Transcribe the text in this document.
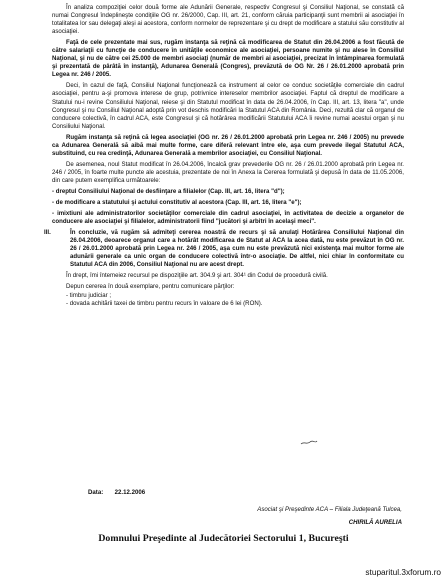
În analiza compoziţiei celor două forme ale Adunării Generale, respectiv Congresul şi Consiliul Naţional, se constată că numai Congresul îndeplineşte condiţiile OG nr. 26/2000, Cap. III, art. 21, conform căruia participanţii sunt membrii ai asociaţiei în totalitatea lor sau delegaţi aleşi ai acestora, conform normelor de reprezentare şi cu drept de modificare a statului său constitutiv al asociaţiei.

Faţă de cele prezentate mai sus, rugăm instanţa să reţină că modificarea de Statut din 26.04.2006 a fost făcută de către salariaţii cu funcţie de conducere în unităţile economice ale asociaţiei, persoane numite şi nu alese în Consiliul Naţional, şi nu de către cei 25.000 de membri asociaţi (număr de membri ai asociaţiei, precizat în întâmpinarea formulată şi prezentată de pârâtă în instanţă), Adunarea Generală (Congres), prevăzută de OG Nr. 26 / 26.01.2000 aprobată prin Legea nr. 246 / 2005.

Deci, în cazul de faţă, Consiliul Naţional funcţionează ca instrument al celor ce conduc societăţile comerciale din cadrul asociaţiei, pentru a-şi promova interese de grup, potrivnice intereselor membrilor asociaţiei. Faptul că dreptul de modificare a Statului nu-i revine Consiliului Naţional, reiese şi din Statutul modificat în data de 26.04.2006, în Cap. III, art. 13, litera "a", unde Congresul şi nu Consiliul Naţional adoptă prin vot deschis modificări la Statutul ACA din România. Deci, rezultă clar că organul de conducere colectivă, în cadrul ACA, este Congresul şi că hotărârea modificării Statutului ACA îi revine numai acestui organ şi nu Consiliului Naţional.

Rugăm instanţa să reţină că legea asociaţiei (OG nr. 26 / 26.01.2000 aprobată prin Legea nr. 246 / 2005) nu prevede ca Adunarea Generală să aibă mai multe forme, care diferă relevant între ele, aşa cum prevede ilegal Statutul ACA, substituind, cu rea credinţă, Adunarea Generală a membrilor asociaţiei, cu Consiliul Naţional.

De asemenea, noul Statut modificat în 26.04.2006, încalcă grav prevederile OG nr. 26 / 26.01.2000 aprobată prin Legea nr. 246 / 2005, în foarte multe puncte ale acestuia, prezentate de noi în Anexa la Cererea formulată şi depusă în data de 11.05.2006, din care putem exemplifica următoarele:

- dreptul Consiliului Naţional de desfiinţare a filialelor (Cap. III, art. 16, litera "d");

- de modificare a statutului şi actului constitutiv al acestora (Cap. III, art. 16, litera "e");

- imixtiuni ale administratorilor societăţilor comerciale din cadrul asociaţiei, în activitatea de decizie a organelor de conducere ale asociaţiei şi filialelor, administratorii fiind "jucători şi arbitri în acelaşi meci".

III.	În concluzie, vă rugăm să admiteţi cererea noastră de recurs şi să anulaţi Hotărârea Consiliului Naţional din 26.04.2006, deoarece organul care a hotărât modificarea de Statut al ACA la acea dată, nu este prevăzut în OG nr. 26 / 26.01.2000 aprobată prin Legea nr. 246 / 2005, aşa cum nu este prevăzută nici existenţa mai multor forme ale adunării generale ca unic organ de conducere colectivă într-o asociaţie. De altfel, nici chiar în conformitate cu Statutul ACA din 2006, Consiliul Naţional nu are acest drept.

În drept, îmi întemeiez recursul pe dispoziţiile art. 304.9 şi art. 304¹ din Codul de procedură civilă.

Depun cererea în două exemplare, pentru comunicare părţilor:

- timbru judiciar ;

- dovada achitării taxei de timbru pentru recurs în valoare de 6 lei (RON).

Data: 22.12.2006
Asociat şi Preşedinte ACA – Filiala Judeţeană Tulcea,
CHIRILĂ AURELIA
Domnului Preşedinte al Judecătoriei Sectorului 1, Bucureşti
stuparitul.3xforum.ro
